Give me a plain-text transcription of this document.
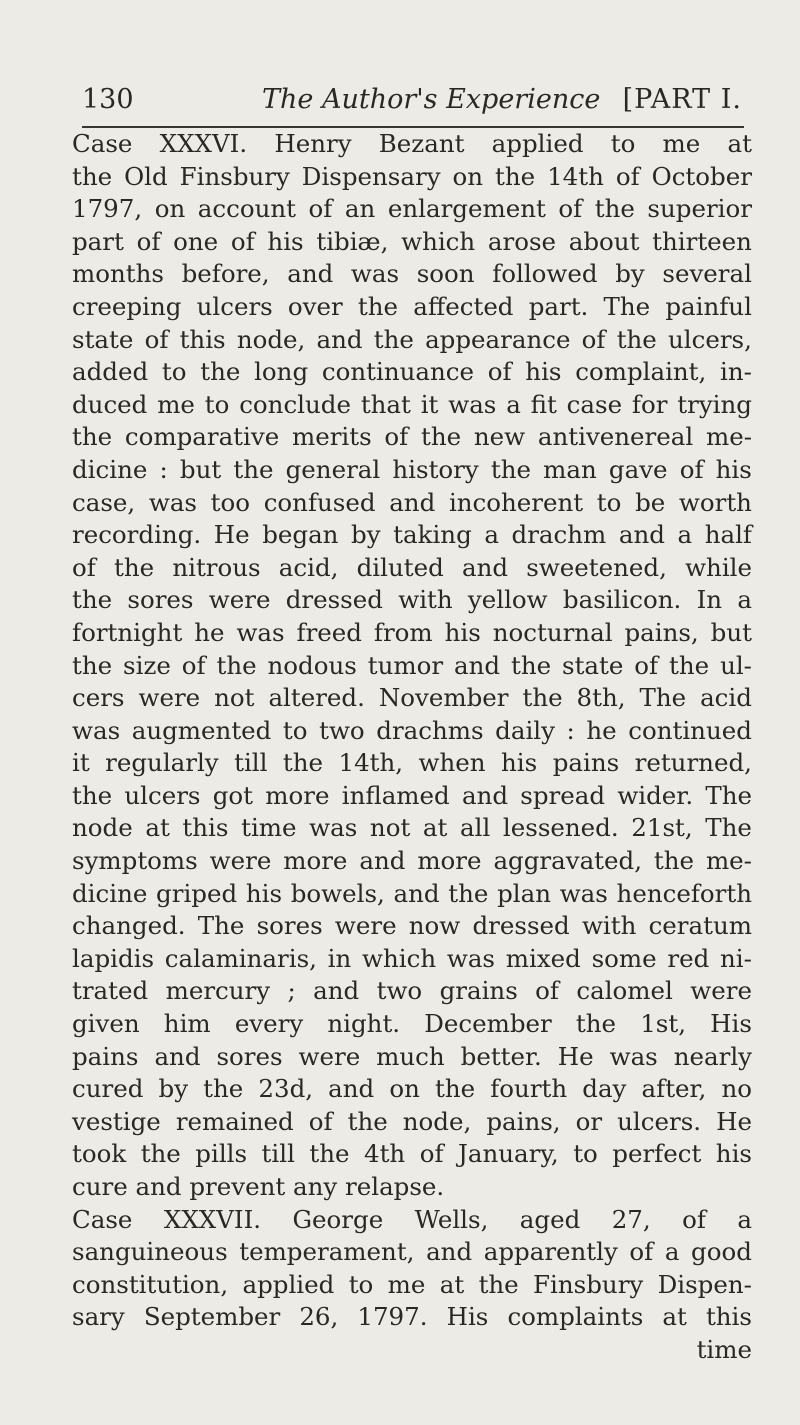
130	The Author's Experience [PART I.
Case XXXVI. Henry Bezant applied to me at
the Old Finsbury Dispensary on the 14th of October
1797, on account of an enlargement of the superior
part of one of his tibiæ, which arose about thirteen
months before, and was soon followed by several
creeping ulcers over the affected part. The painful
state of this node, and the appearance of the ulcers,
added to the long continuance of his complaint, in-
duced me to conclude that it was a fit case for trying
the comparative merits of the new antivenereal me-
dicine : but the general history the man gave of his
case, was too confused and incoherent to be worth
recording. He began by taking a drachm and a half
of the nitrous acid, diluted and sweetened, while
the sores were dressed with yellow basilicon. In a
fortnight he was freed from his nocturnal pains, but
the size of the nodous tumor and the state of the ul-
cers were not altered. November the 8th, The acid
was augmented to two drachms daily : he continued
it regularly till the 14th, when his pains returned,
the ulcers got more inflamed and spread wider. The
node at this time was not at all lessened. 21st, The
symptoms were more and more aggravated, the me-
dicine griped his bowels, and the plan was henceforth
changed. The sores were now dressed with ceratum
lapidis calaminaris, in which was mixed some red ni-
trated mercury ; and two grains of calomel were
given him every night. December the 1st, His
pains and sores were much better. He was nearly
cured by the 23d, and on the fourth day after, no
vestige remained of the node, pains, or ulcers. He
took the pills till the 4th of January, to perfect his
cure and prevent any relapse.
Case XXXVII. George Wells, aged 27, of a
sanguineous temperament, and apparently of a good
constitution, applied to me at the Finsbury Dispen-
sary September 26, 1797. His complaints at this
time
